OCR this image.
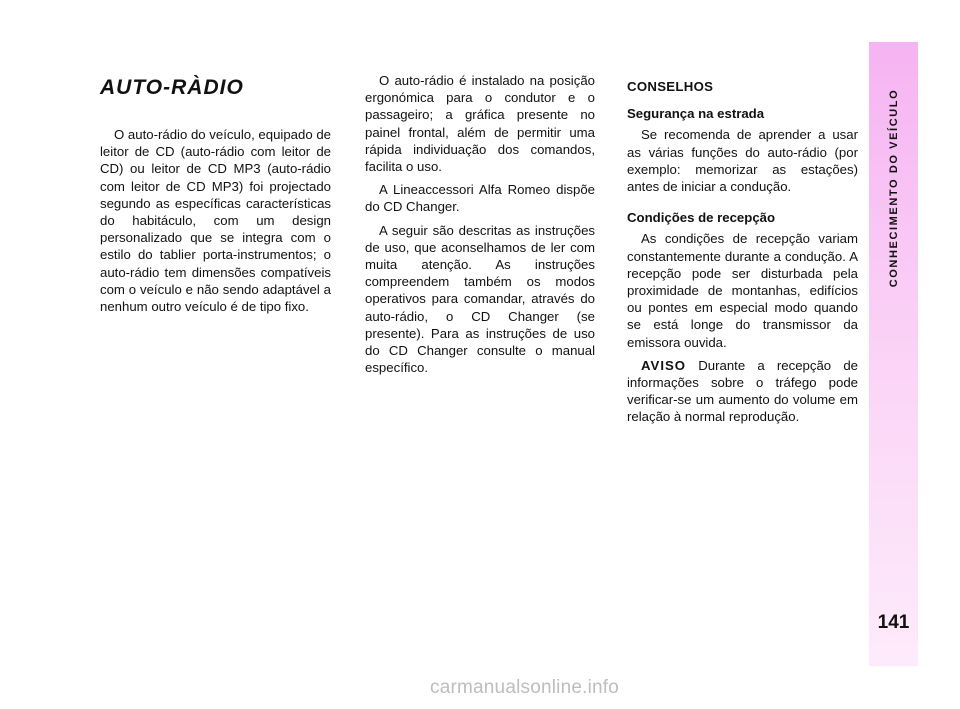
AUTO-RÀDIO

O auto-rádio do veículo, equipado de leitor de CD (auto-rádio com leitor de CD) ou leitor de CD MP3 (auto-rádio com leitor de CD MP3) foi projectado segundo as específicas características do habitáculo, com um design personalizado que se integra com o estilo do tablier porta-instrumentos; o auto-rádio tem dimensões compatíveis com o veículo e não sendo adaptável a nenhum outro veículo é de tipo fixo.

O auto-rádio é instalado na posição ergonómica para o condutor e o passageiro; a gráfica presente no painel frontal, além de permitir uma rápida individuação dos comandos, facilita o uso.

A Lineaccessori Alfa Romeo dispõe do CD Changer.

A seguir são descritas as instruções de uso, que aconselhamos de ler com muita atenção. As instruções compreendem também os modos operativos para comandar, através do auto-rádio, o CD Changer (se presente). Para as instruções de uso do CD Changer consulte o manual específico.

CONSELHOS
Segurança na estrada

Se recomenda de aprender a usar as várias funções do auto-rádio (por exemplo: memorizar as estações) antes de iniciar a condução.

Condições de recepção

As condições de recepção variam constantemente durante a condução. A recepção pode ser disturbada pela proximidade de montanhas, edifícios ou pontes em especial modo quando se está longe do transmissor da emissora ouvida.

AVISO Durante a recepção de informações sobre o tráfego pode verificar-se um aumento do volume em relação à normal reprodução.

CONHECIMENTO DO VEÍCULO
141
carmanualsonline.info
